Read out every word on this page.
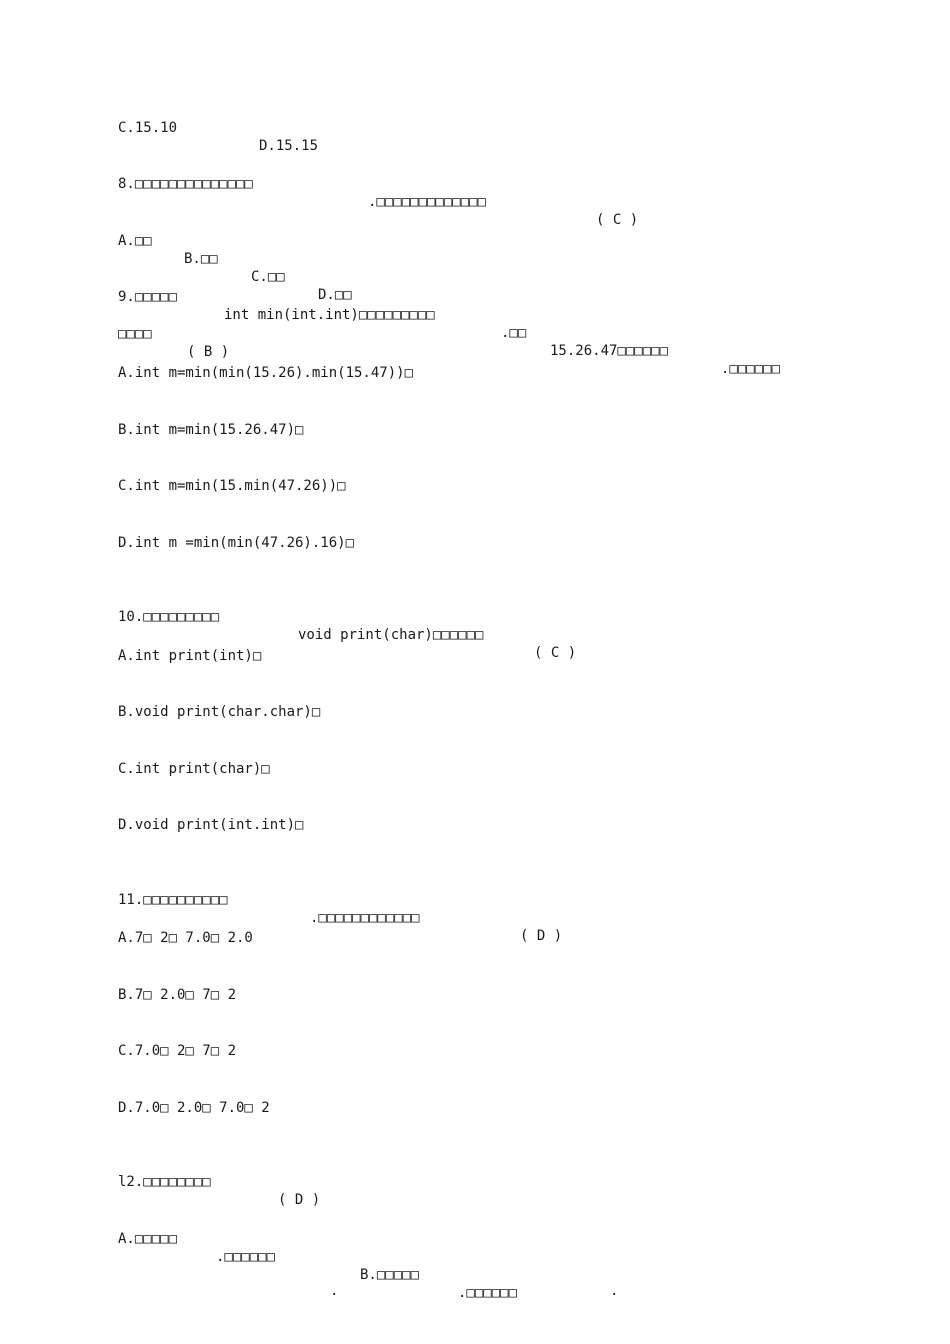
C.15.10

D.15.15

8.□□□□□□□□□□□□□□

.□□□□□□□□□□□□□

( C )

A.□□

B.□□

C.□□

D.□□

9.□□□□□

int min(int.int)□□□□□□□□□

.□□

15.26.47□□□□□□

.□□□□□□

□□□□

( B )

A.int m=min(min(15.26).min(15.47))□
B.int m=min(15.26.47)□
C.int m=min(15.min(47.26))□
D.int m =min(min(47.26).16)□

10.□□□□□□□□□

void print(char)□□□□□□

( C )

A.int print(int)□
B.void print(char.char)□
C.int print(char)□
D.void print(int.int)□

11.□□□□□□□□□□

.□□□□□□□□□□□□

( D )

A.7□ 2□ 7.0□ 2.0
B.7□ 2.0□ 7□ 2
C.7.0□ 2□ 7□ 2
D.7.0□ 2.0□ 7.0□ 2

l2.□□□□□□□□

( D )

A.□□□□□

.□□□□□□

B.□□□□□

.□□□□□□

.	.
